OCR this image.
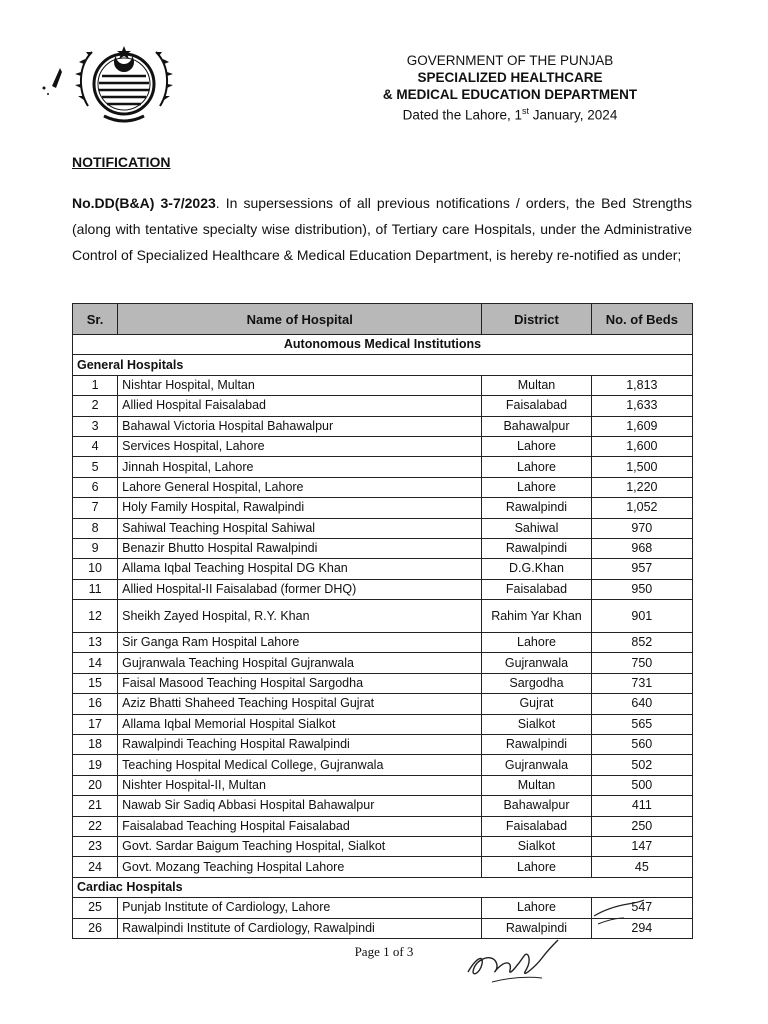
GOVERNMENT OF THE PUNJAB
SPECIALIZED HEALTHCARE
& MEDICAL EDUCATION DEPARTMENT
Dated the Lahore, 1st January, 2024
NOTIFICATION
No.DD(B&A) 3-7/2023. In supersessions of all previous notifications / orders, the Bed Strengths (along with tentative specialty wise distribution), of Tertiary care Hospitals, under the Administrative Control of Specialized Healthcare & Medical Education Department, is hereby re-notified as under;
Sr.	Name of Hospital	District	No. of Beds
Autonomous Medical Institutions			
General Hospitals			
1	Nishtar Hospital, Multan	Multan	1,813
2	Allied Hospital Faisalabad	Faisalabad	1,633
3	Bahawal Victoria Hospital Bahawalpur	Bahawalpur	1,609
4	Services Hospital, Lahore	Lahore	1,600
5	Jinnah Hospital, Lahore	Lahore	1,500
6	Lahore General Hospital, Lahore	Lahore	1,220
7	Holy Family Hospital, Rawalpindi	Rawalpindi	1,052
8	Sahiwal Teaching Hospital Sahiwal	Sahiwal	970
9	Benazir Bhutto Hospital Rawalpindi	Rawalpindi	968
10	Allama Iqbal Teaching Hospital DG Khan	D.G.Khan	957
11	Allied Hospital-II Faisalabad (former DHQ)	Faisalabad	950
12	Sheikh Zayed Hospital, R.Y. Khan	Rahim Yar Khan	901
13	Sir Ganga Ram Hospital Lahore	Lahore	852
14	Gujranwala Teaching Hospital Gujranwala	Gujranwala	750
15	Faisal Masood Teaching Hospital Sargodha	Sargodha	731
16	Aziz Bhatti Shaheed Teaching Hospital Gujrat	Gujrat	640
17	Allama Iqbal Memorial Hospital Sialkot	Sialkot	565
18	Rawalpindi Teaching Hospital Rawalpindi	Rawalpindi	560
19	Teaching Hospital Medical College, Gujranwala	Gujranwala	502
20	Nishter Hospital-II, Multan	Multan	500
21	Nawab Sir Sadiq Abbasi Hospital Bahawalpur	Bahawalpur	411
22	Faisalabad Teaching Hospital Faisalabad	Faisalabad	250
23	Govt. Sardar Baigum Teaching Hospital, Sialkot	Sialkot	147
24	Govt. Mozang Teaching Hospital Lahore	Lahore	45
Cardiac Hospitals			
25	Punjab Institute of Cardiology, Lahore	Lahore	547
26	Rawalpindi Institute of Cardiology, Rawalpindi	Rawalpindi	294
Page 1 of 3
